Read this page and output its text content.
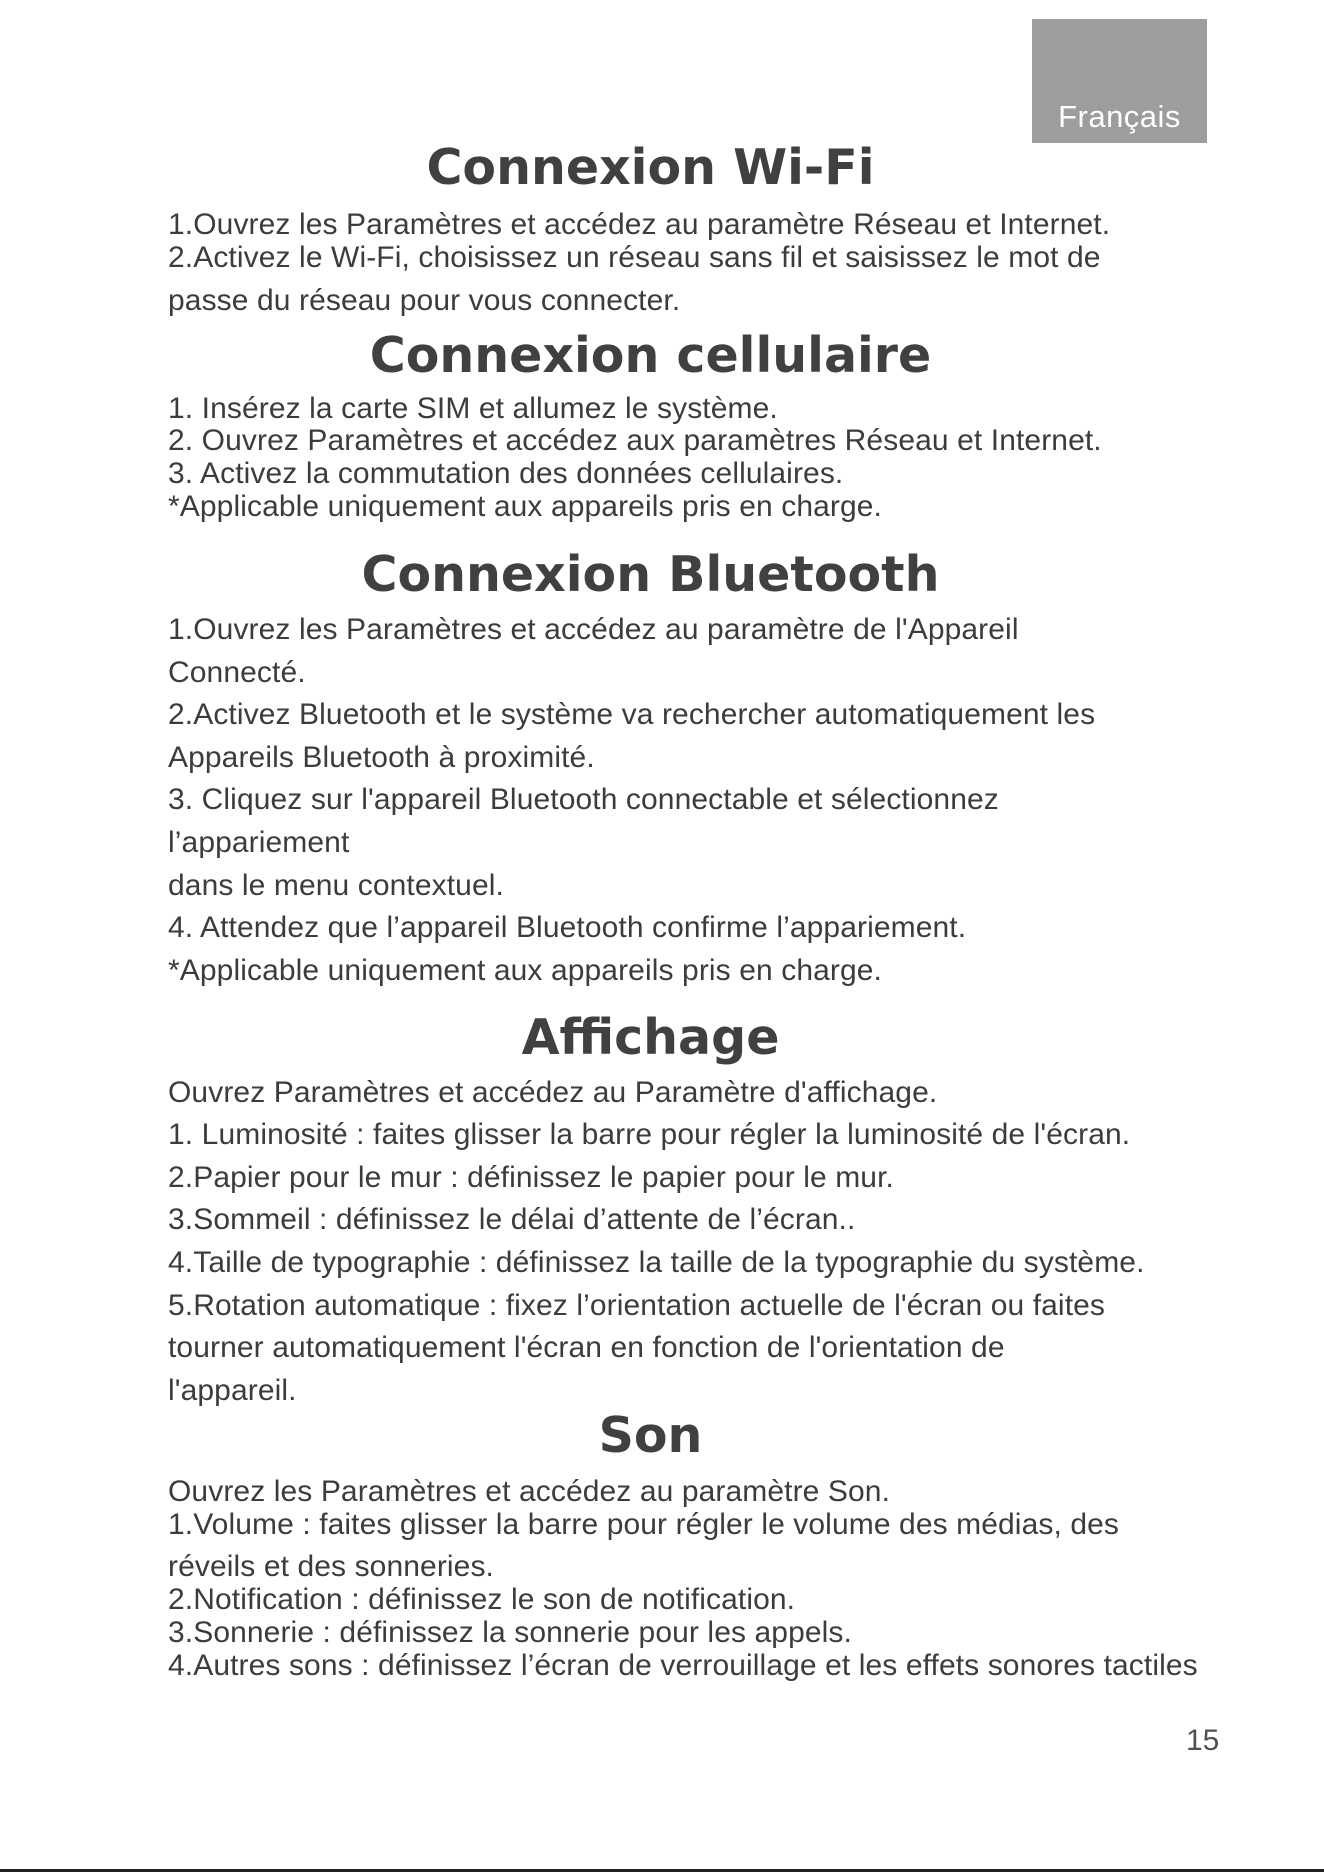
Français
Connexion Wi-Fi
1.Ouvrez les Paramètres et accédez au paramètre Réseau et Internet.
2.Activez le Wi-Fi, choisissez un réseau sans fil et saisissez le mot de
passe du réseau pour vous connecter.
Connexion cellulaire
1. Insérez la carte SIM et allumez le système.
2. Ouvrez Paramètres et accédez aux paramètres Réseau et Internet.
3. Activez la commutation des données cellulaires.
*Applicable uniquement aux appareils pris en charge.
Connexion Bluetooth
1.Ouvrez les Paramètres et accédez au paramètre de l'Appareil
Connecté.
2.Activez Bluetooth et le système va rechercher automatiquement les
Appareils Bluetooth à proximité.
3. Cliquez sur l'appareil Bluetooth connectable et sélectionnez
l’appariement
dans le menu contextuel.
4. Attendez que l’appareil Bluetooth confirme l’appariement.
*Applicable uniquement aux appareils pris en charge.
Affichage
Ouvrez Paramètres et accédez au Paramètre d'affichage.
1. Luminosité : faites glisser la barre pour régler la luminosité de l'écran.
2.Papier pour le mur : définissez le papier pour le mur.
3.Sommeil : définissez le délai d’attente de l’écran..
4.Taille de typographie : définissez la taille de la typographie du système.
5.Rotation automatique : fixez l’orientation actuelle de l'écran ou faites
tourner automatiquement l'écran en fonction de l'orientation de
l'appareil.
Son
Ouvrez les Paramètres et accédez au paramètre Son.
1.Volume : faites glisser la barre pour régler le volume des médias, des
réveils et des sonneries.
2.Notification : définissez le son de notification.
3.Sonnerie : définissez la sonnerie pour les appels.
4.Autres sons : définissez l’écran de verrouillage et les effets sonores tactiles
15
